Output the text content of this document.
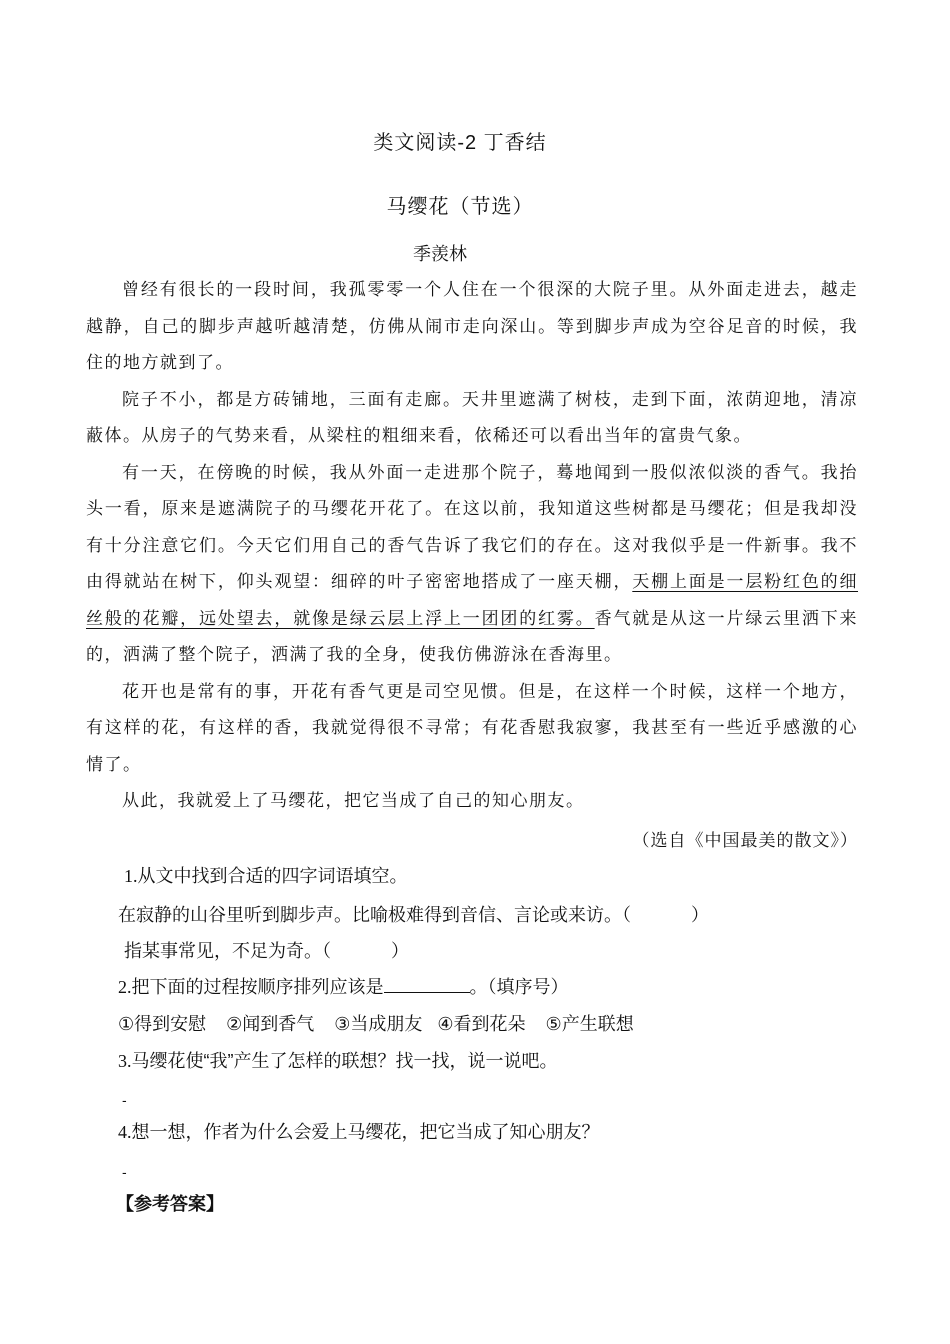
类文阅读-2 丁香结
马缨花（节选）
季羡林

曾经有很长的一段时间，我孤零零一个人住在一个很深的大院子里。从外面走进去，越走越静，自己的脚步声越听越清楚，仿佛从闹市走向深山。等到脚步声成为空谷足音的时候，我住的地方就到了。

院子不小，都是方砖铺地，三面有走廊。天井里遮满了树枝，走到下面，浓荫迎地，清凉蔽体。从房子的气势来看，从梁柱的粗细来看，依稀还可以看出当年的富贵气象。

有一天，在傍晚的时候，我从外面一走进那个院子，蓦地闻到一股似浓似淡的香气。我抬头一看，原来是遮满院子的马缨花开花了。在这以前，我知道这些树都是马缨花；但是我却没有十分注意它们。今天它们用自己的香气告诉了我它们的存在。这对我似乎是一件新事。我不由得就站在树下，仰头观望：细碎的叶子密密地搭成了一座天棚，天棚上面是一层粉红色的细丝般的花瓣，远处望去，就像是绿云层上浮上一团团的红雾。香气就是从这一片绿云里洒下来的，洒满了整个院子，洒满了我的全身，使我仿佛游泳在香海里。

花开也是常有的事，开花有香气更是司空见惯。但是，在这样一个时候，这样一个地方，有这样的花，有这样的香，我就觉得很不寻常；有花香慰我寂寥，我甚至有一些近乎感激的心情了。

从此，我就爱上了马缨花，把它当成了自己的知心朋友。

（选自《中国最美的散文》）
1.从文中找到合适的四字词语填空。
在寂静的山谷里听到脚步声。比喻极难得到音信、言论或来访。（            ）
指某事常见，不足为奇。（            ）
2.把下面的过程按顺序排列应该是	。（填序号）
①得到安慰    ②闻到香气    ③当成朋友   ④看到花朵    ⑤产生联想
3.马缨花使“我”产生了怎样的联想？找一找，说一说吧。
-
4.想一想，作者为什么会爱上马缨花，把它当成了知心朋友？
-
【参考答案】
